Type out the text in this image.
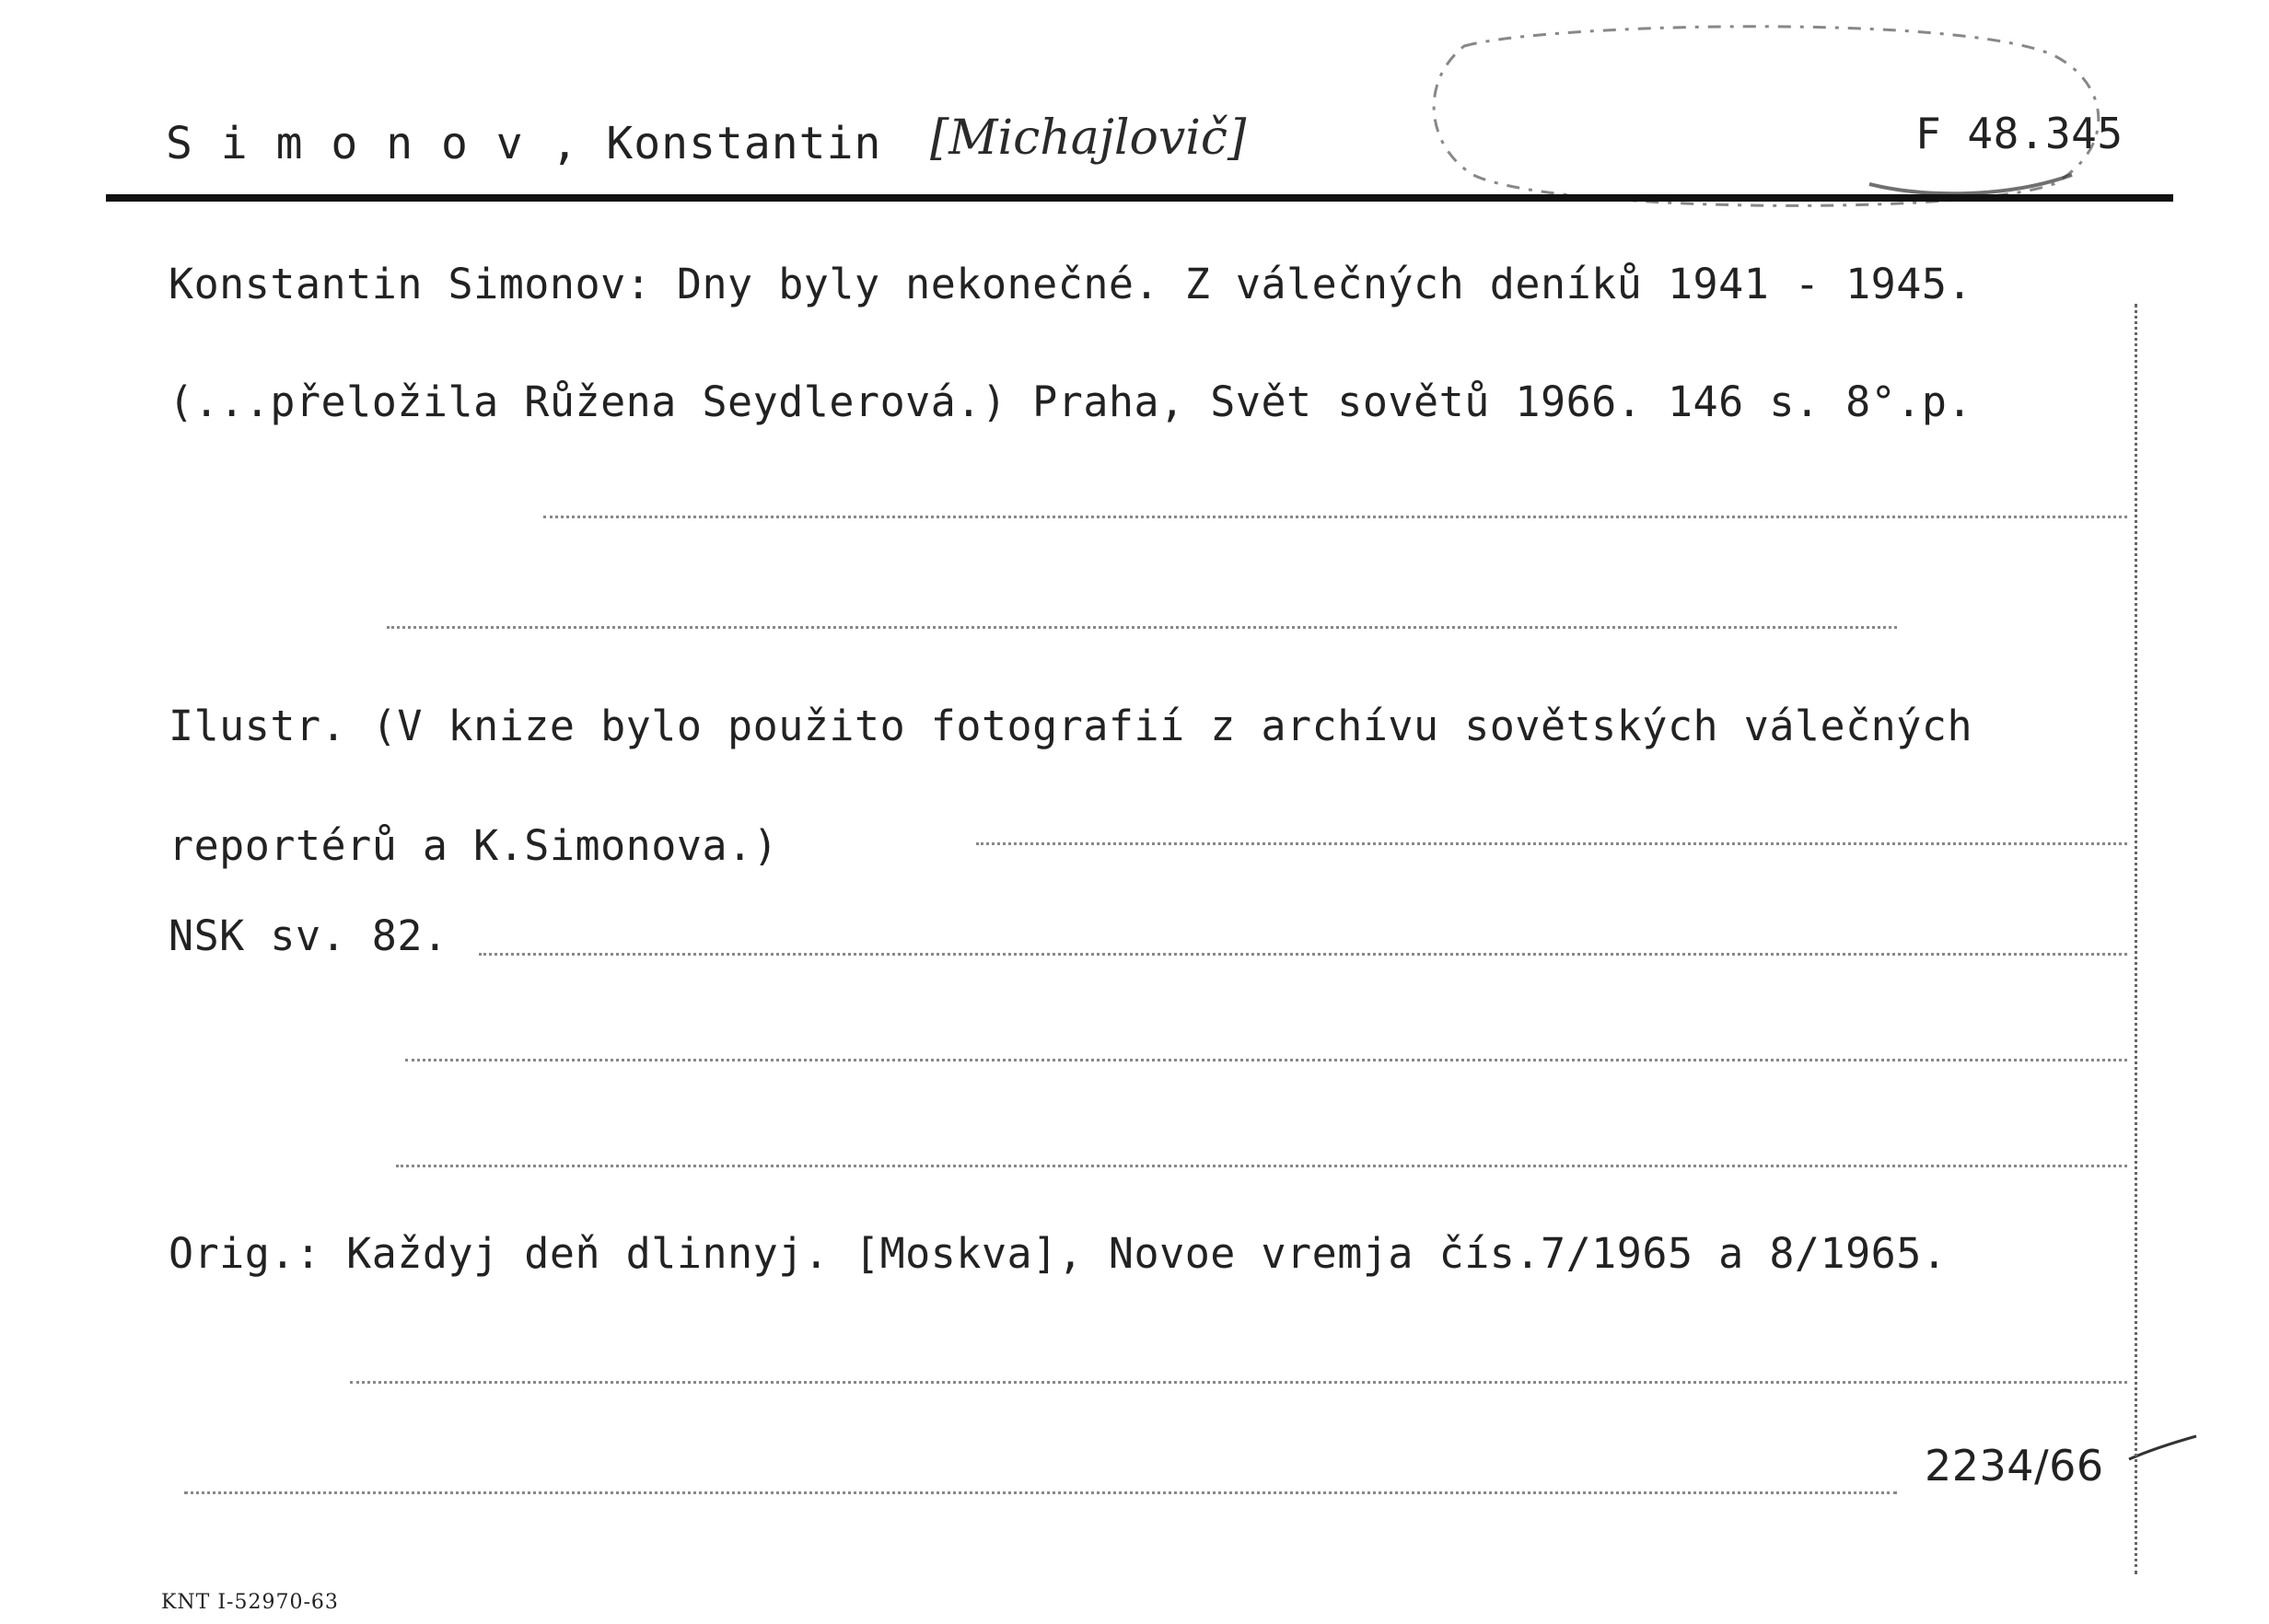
S i m o n o v , Konstantin [Michajlovič]	F 48.345
Konstantin Simonov: Dny byly nekonečné. Z válečných deníků 1941 - 1945.
(...přeložila Růžena Seydlerová.) Praha, Svět sovětů 1966. 146 s. 8°.p.
Ilustr. (V knize bylo použito fotografií z archívu sovětských válečných
reportérů a K.Simonova.)
NSK sv. 82.
Orig.: Každyj deň dlinnyj. [Moskva], Novoe vremja čís.7/1965 a 8/1965.
2234/66
KNT I-52970-63
